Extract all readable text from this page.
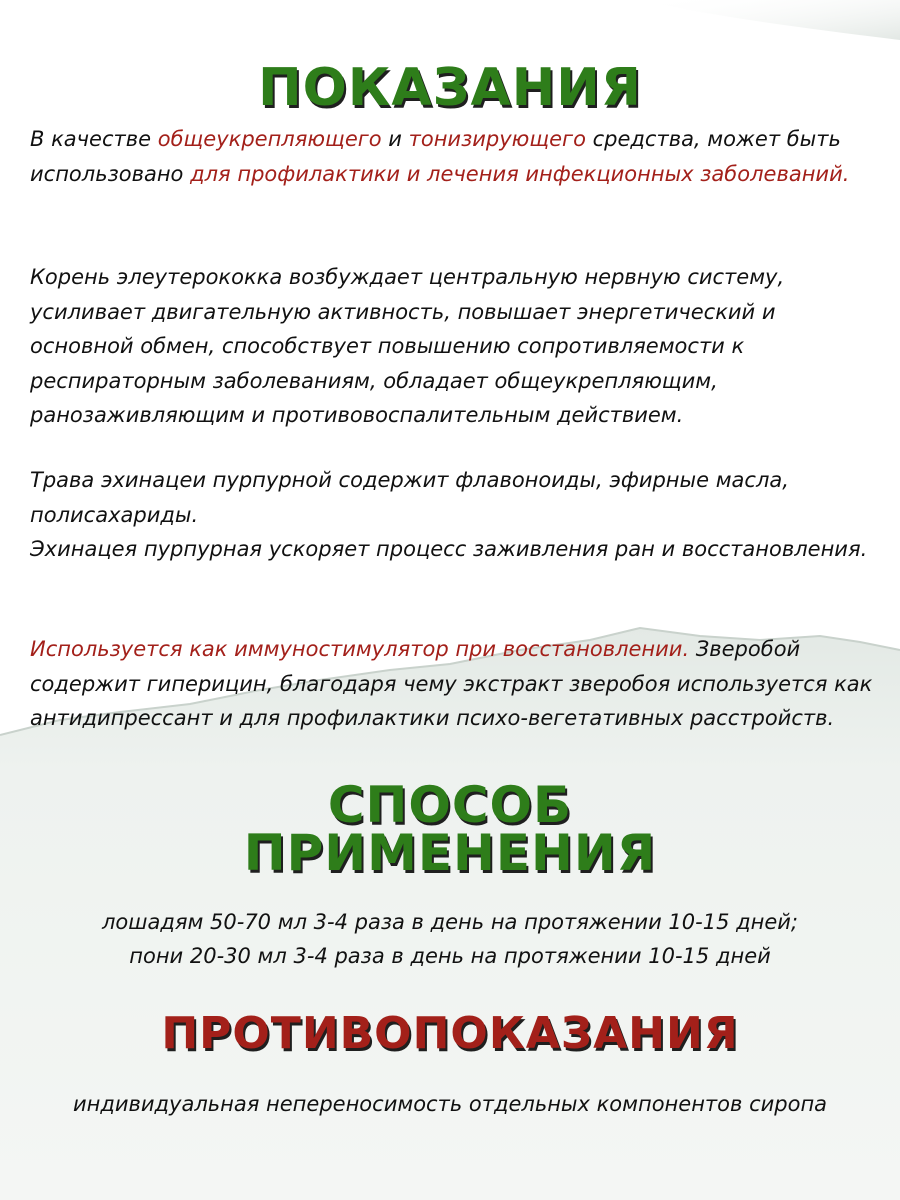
ПОКАЗАНИЯ

В качестве общеукрепляющего и тонизирующего средства, может быть использовано для профилактики и лечения инфекционных заболеваний.

Корень элеутерококка возбуждает центральную нервную систему, усиливает двигательную активность, повышает энергетический и основной обмен, способствует повышению сопротивляемости к респираторным заболеваниям, обладает общеукрепляющим, ранозаживляющим и противовоспалительным действием.

Трава эхинацеи пурпурной содержит флавоноиды, эфирные масла, полисахариды.

Эхинацея пурпурная ускоряет процесс заживления ран и восстановления.

Используется как иммуностимулятор при восстановлении. Зверобой содержит гиперицин, благодаря чему экстракт зверобоя используется как антидипрессант и для профилактики психо-вегетативных расстройств.

СПОСОБ
ПРИМЕНЕНИЯ

лошадям 50-70 мл 3-4 раза в день на протяжении 10-15 дней;

пони 20-30 мл 3-4 раза в день на протяжении 10-15 дней

ПРОТИВОПОКАЗАНИЯ

индивидуальная непереносимость отдельных компонентов сиропа
